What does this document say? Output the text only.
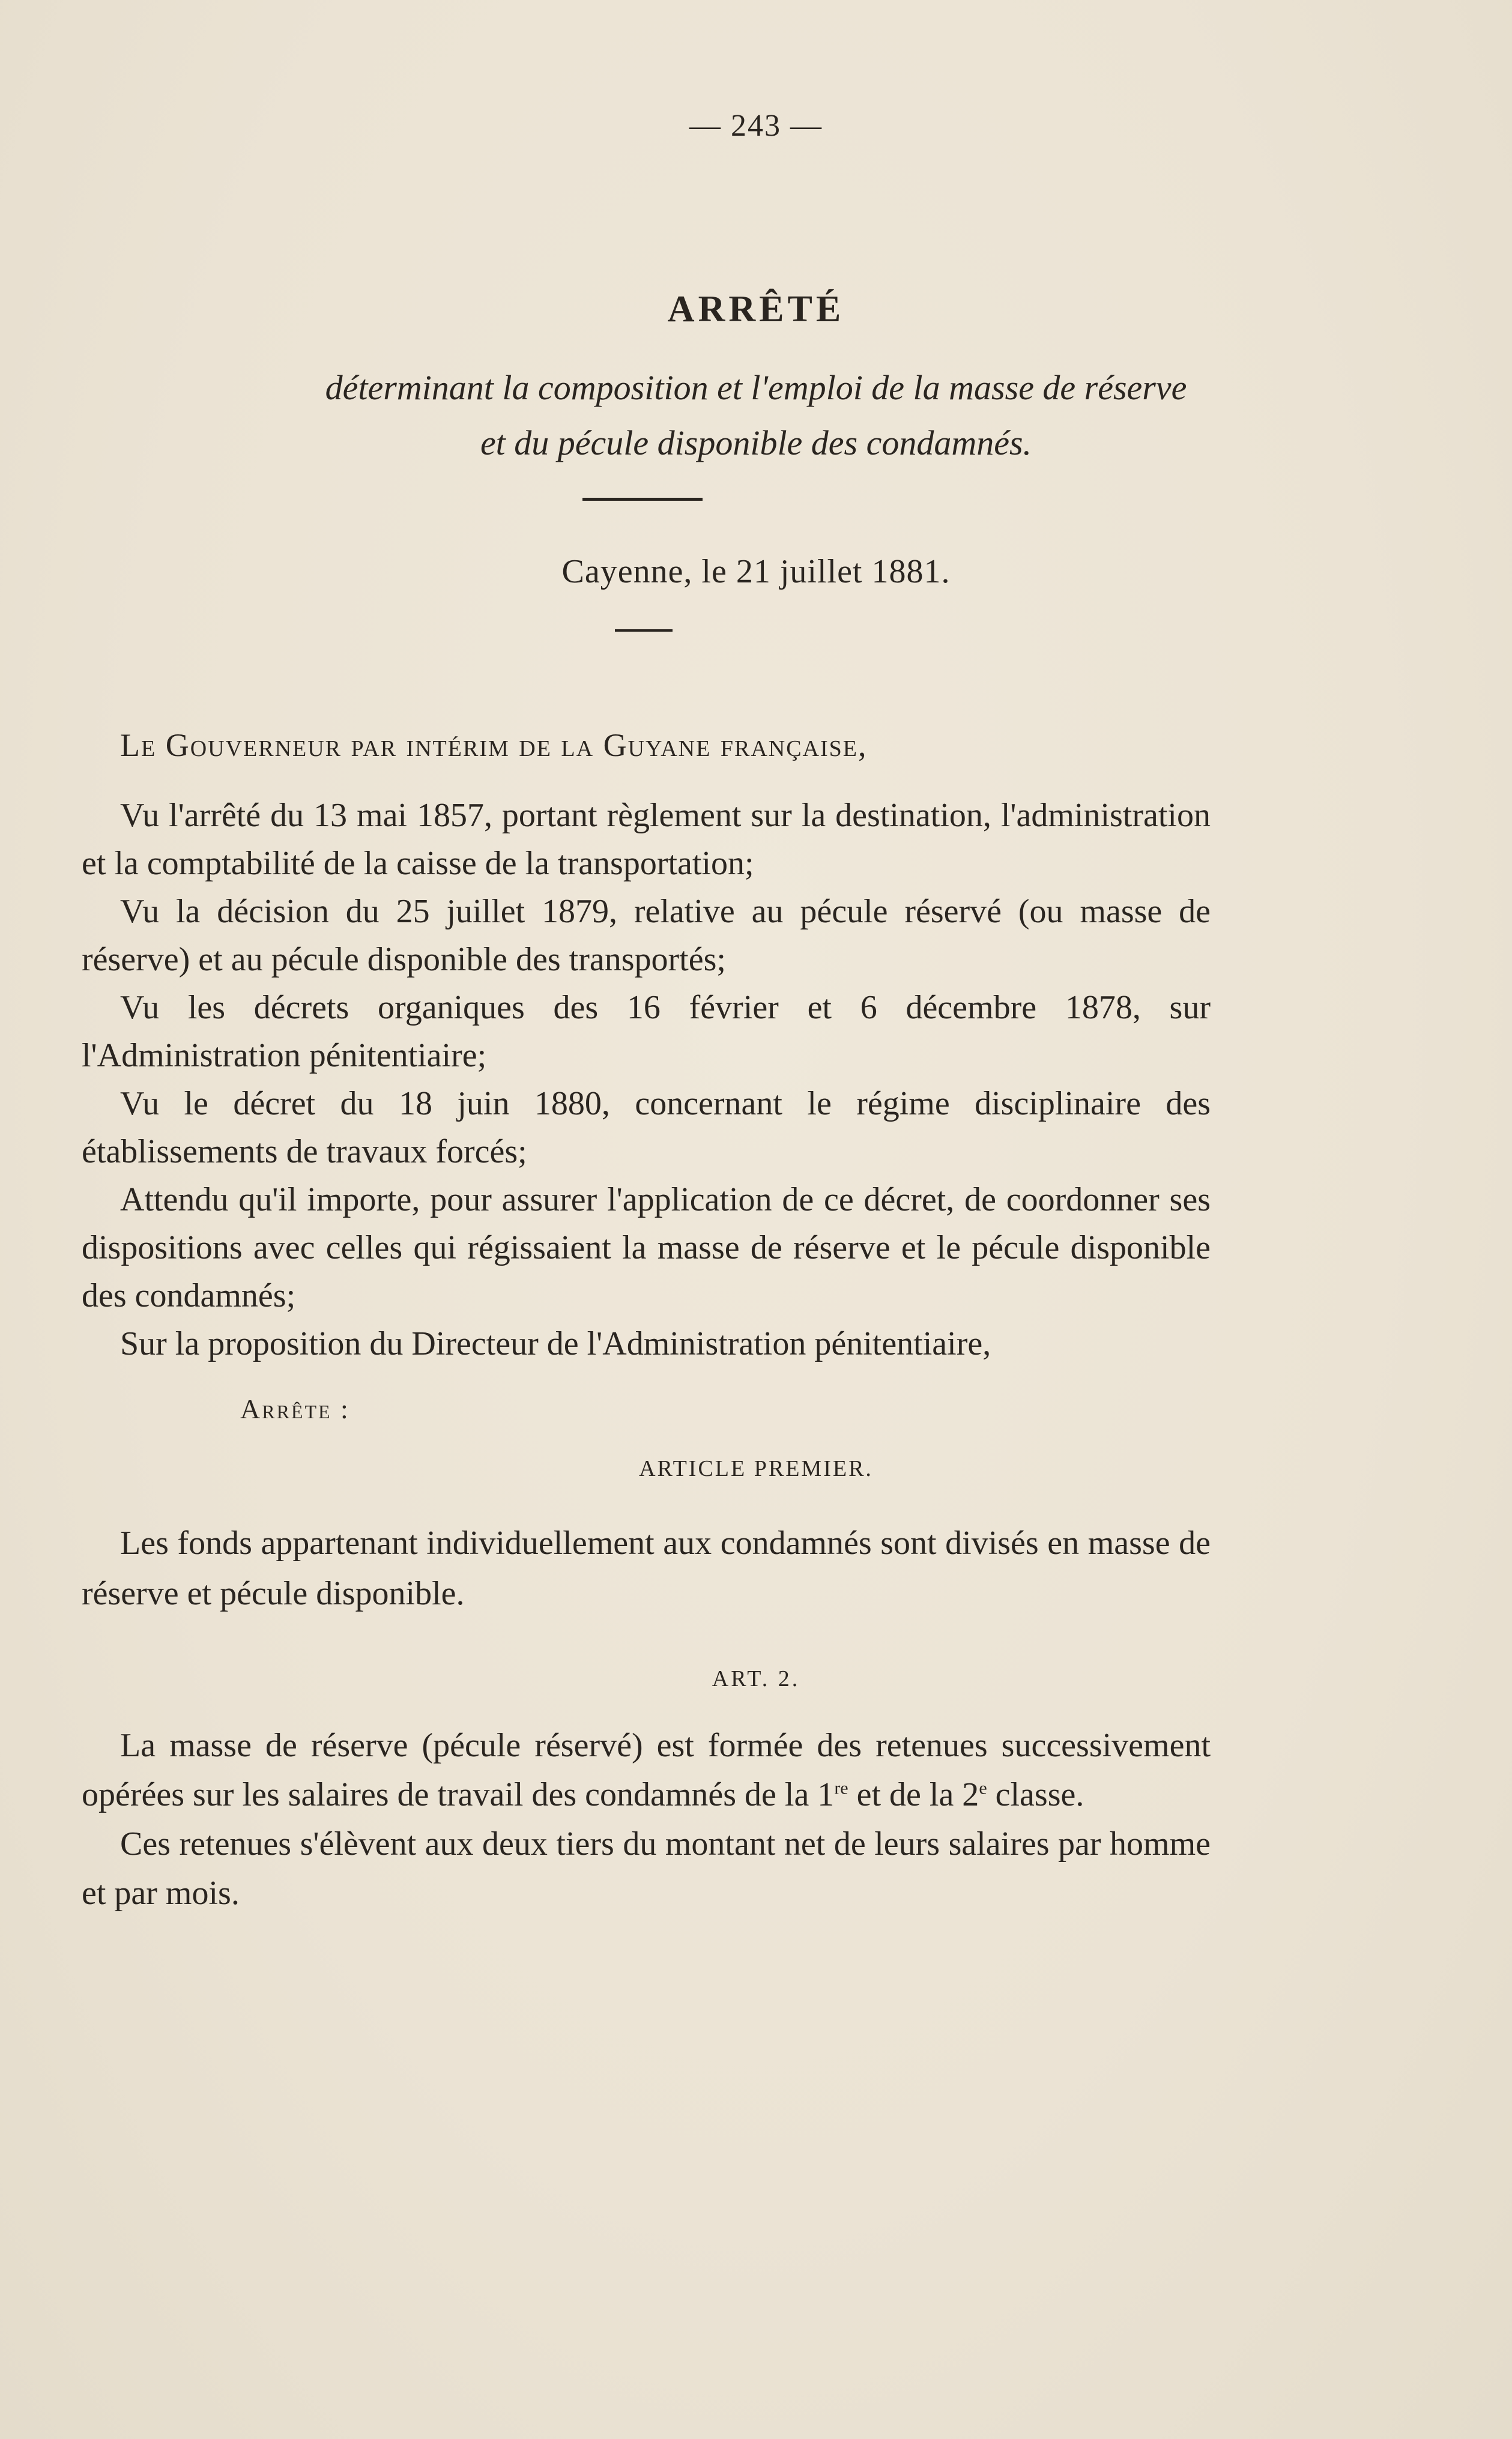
— 243 —
ARRÊTÉ
déterminant la composition et l'emploi de la masse de réserve
et du pécule disponible des condamnés.
Cayenne, le 21 juillet 1881.
Le Gouverneur par intérim de la Guyane française,

Vu l'arrêté du 13 mai 1857, portant règlement sur la destination, l'administration et la comptabilité de la caisse de la transportation;

Vu la décision du 25 juillet 1879, relative au pécule réservé (ou masse de réserve) et au pécule disponible des transportés;

Vu les décrets organiques des 16 février et 6 décembre 1878, sur l'Administration pénitentiaire;

Vu le décret du 18 juin 1880, concernant le régime disciplinaire des établissements de travaux forcés;

Attendu qu'il importe, pour assurer l'application de ce décret, de coordonner ses dispositions avec celles qui régissaient la masse de réserve et le pécule disponible des condamnés;

Sur la proposition du Directeur de l'Administration pénitentiaire,

Arrête :
ARTICLE PREMIER.

Les fonds appartenant individuellement aux condamnés sont divisés en masse de réserve et pécule disponible.

ART. 2.

La masse de réserve (pécule réservé) est formée des retenues successivement opérées sur les salaires de travail des condamnés de la 1re et de la 2e classe.

Ces retenues s'élèvent aux deux tiers du montant net de leurs salaires par homme et par mois.
